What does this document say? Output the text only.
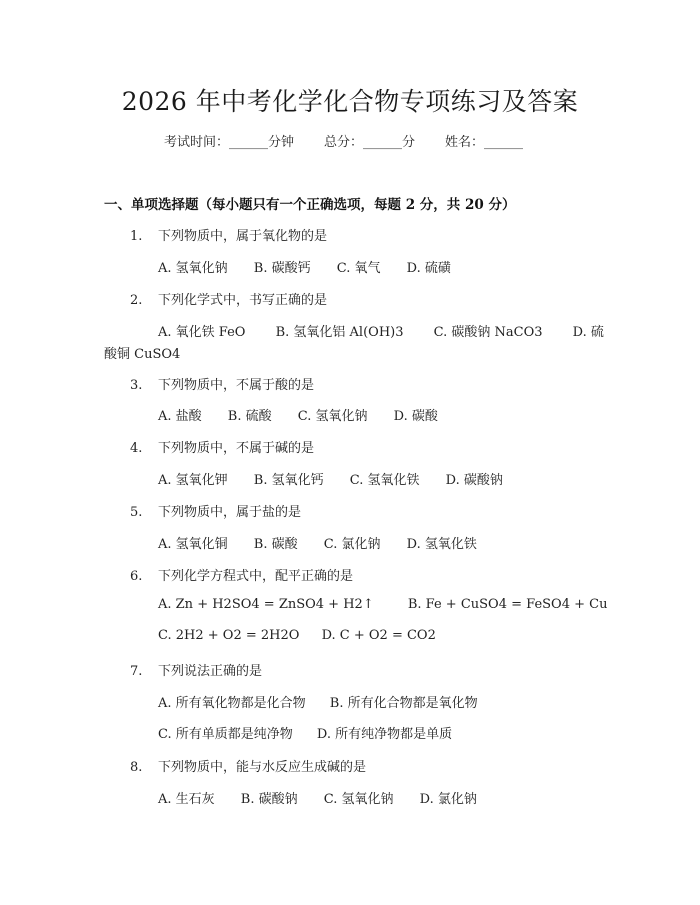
2026 年中考化学化合物专项练习及答案
考试时间：______分钟 总分：______分 姓名：______
一、单项选择题（每小题只有一个正确选项，每题 2 分，共 20 分）
1. 下列物质中，属于氧化物的是
A. 氢氧化钠 B. 碳酸钙 C. 氧气 D. 硫磺
2. 下列化学式中，书写正确的是
A. 氧化铁 FeO B. 氢氧化铝 Al(OH)3 C. 碳酸钠 NaCO3 D. 硫
酸铜 CuSO4
3. 下列物质中，不属于酸的是
A. 盐酸 B. 硫酸 C. 氢氧化钠 D. 碳酸
4. 下列物质中，不属于碱的是
A. 氢氧化钾 B. 氢氧化钙 C. 氢氧化铁 D. 碳酸钠
5. 下列物质中，属于盐的是
A. 氢氧化铜 B. 碳酸 C. 氯化钠 D. 氢氧化铁
6. 下列化学方程式中，配平正确的是
A. Zn + H2SO4 = ZnSO4 + H2↑	B. Fe + CuSO4 = FeSO4 + Cu
C. 2H2 + O2 = 2H2O D. C + O2 = CO2
7. 下列说法正确的是
A. 所有氧化物都是化合物 B. 所有化合物都是氧化物
C. 所有单质都是纯净物 D. 所有纯净物都是单质
8. 下列物质中，能与水反应生成碱的是
A. 生石灰 B. 碳酸钠 C. 氢氧化钠 D. 氯化钠
